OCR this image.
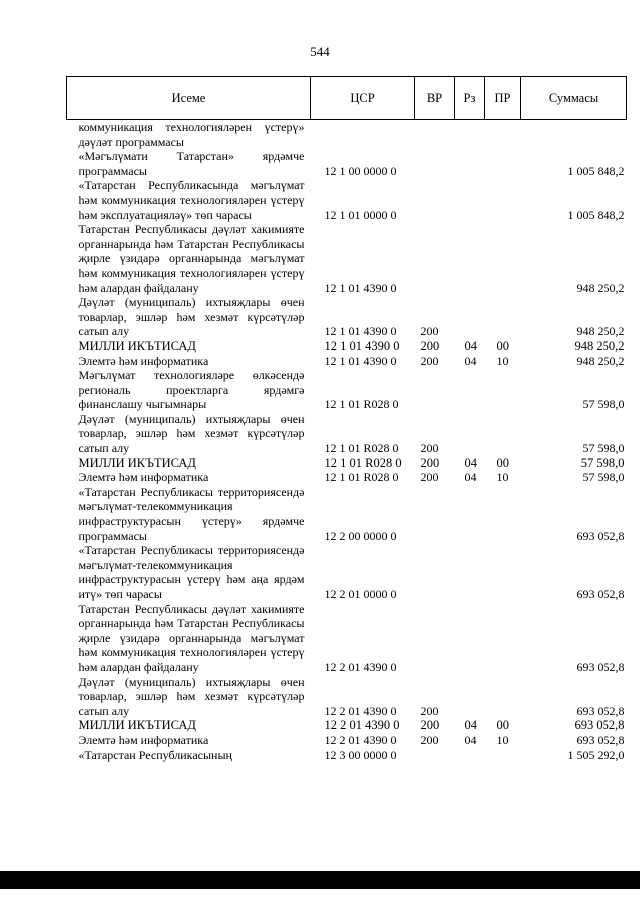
544
Исеме	ЦСР	ВР	Рз	ПР	Суммасы
коммуникация технологияләрен үстерү» дәүләт программасы					
«Мәгълүмати Татарстан» ярдәмче программасы	12 1 00 0000 0				1 005 848,2
«Татарстан Республикасында мәгълүмат һәм коммуникация технологияләрен үстерү һәм эксплуатацияләү» төп чарасы	12 1 01 0000 0				1 005 848,2
Татарстан Республикасы дәүләт хакимияте органнарында һәм Татарстан Республикасы җирле үзидарә органнарында мәгълүмат һәм коммуникация технологияләрен үстерү һәм алардан файдалану	12 1 01 4390 0				948 250,2
Дәүләт (муниципаль) ихтыяҗлары өчен товарлар, эшләр һәм хезмәт күрсәтүләр сатып алу	12 1 01 4390 0	200			948 250,2
МИЛЛИ ИКЪТИСАД	12 1 01 4390 0	200	04	00	948 250,2
Элемтә һәм информатика	12 1 01 4390 0	200	04	10	948 250,2
Мәгълүмат технологияләре өлкәсендә региональ проектларга ярдәмгә финанслашу чыгымнары	12 1 01 R028 0				57 598,0
Дәүләт (муниципаль) ихтыяҗлары өчен товарлар, эшләр һәм хезмәт күрсәтүләр сатып алу	12 1 01 R028 0	200			57 598,0
МИЛЛИ ИКЪТИСАД	12 1 01 R028 0	200	04	00	57 598,0
Элемтә һәм информатика	12 1 01 R028 0	200	04	10	57 598,0
«Татарстан Республикасы территориясендә мәгълүмат-телекоммуникация инфраструктурасын үстерү» ярдәмче программасы	12 2 00 0000 0				693 052,8
«Татарстан Республикасы территориясендә мәгълүмат-телекоммуникация инфраструктурасын үстерү һәм аңа ярдәм итү» төп чарасы	12 2 01 0000 0				693 052,8
Татарстан Республикасы дәүләт хакимияте органнарында һәм Татарстан Республикасы җирле үзидарә органнарында мәгълүмат һәм коммуникация технологияләрен үстерү һәм алардан файдалану	12 2 01 4390 0				693 052,8
Дәүләт (муниципаль) ихтыяҗлары өчен товарлар, эшләр һәм хезмәт күрсәтүләр сатып алу	12 2 01 4390 0	200			693 052,8
МИЛЛИ ИКЪТИСАД	12 2 01 4390 0	200	04	00	693 052,8
Элемтә һәм информатика	12 2 01 4390 0	200	04	10	693 052,8
«Татарстан Республикасының	12 3 00 0000 0				1 505 292,0
